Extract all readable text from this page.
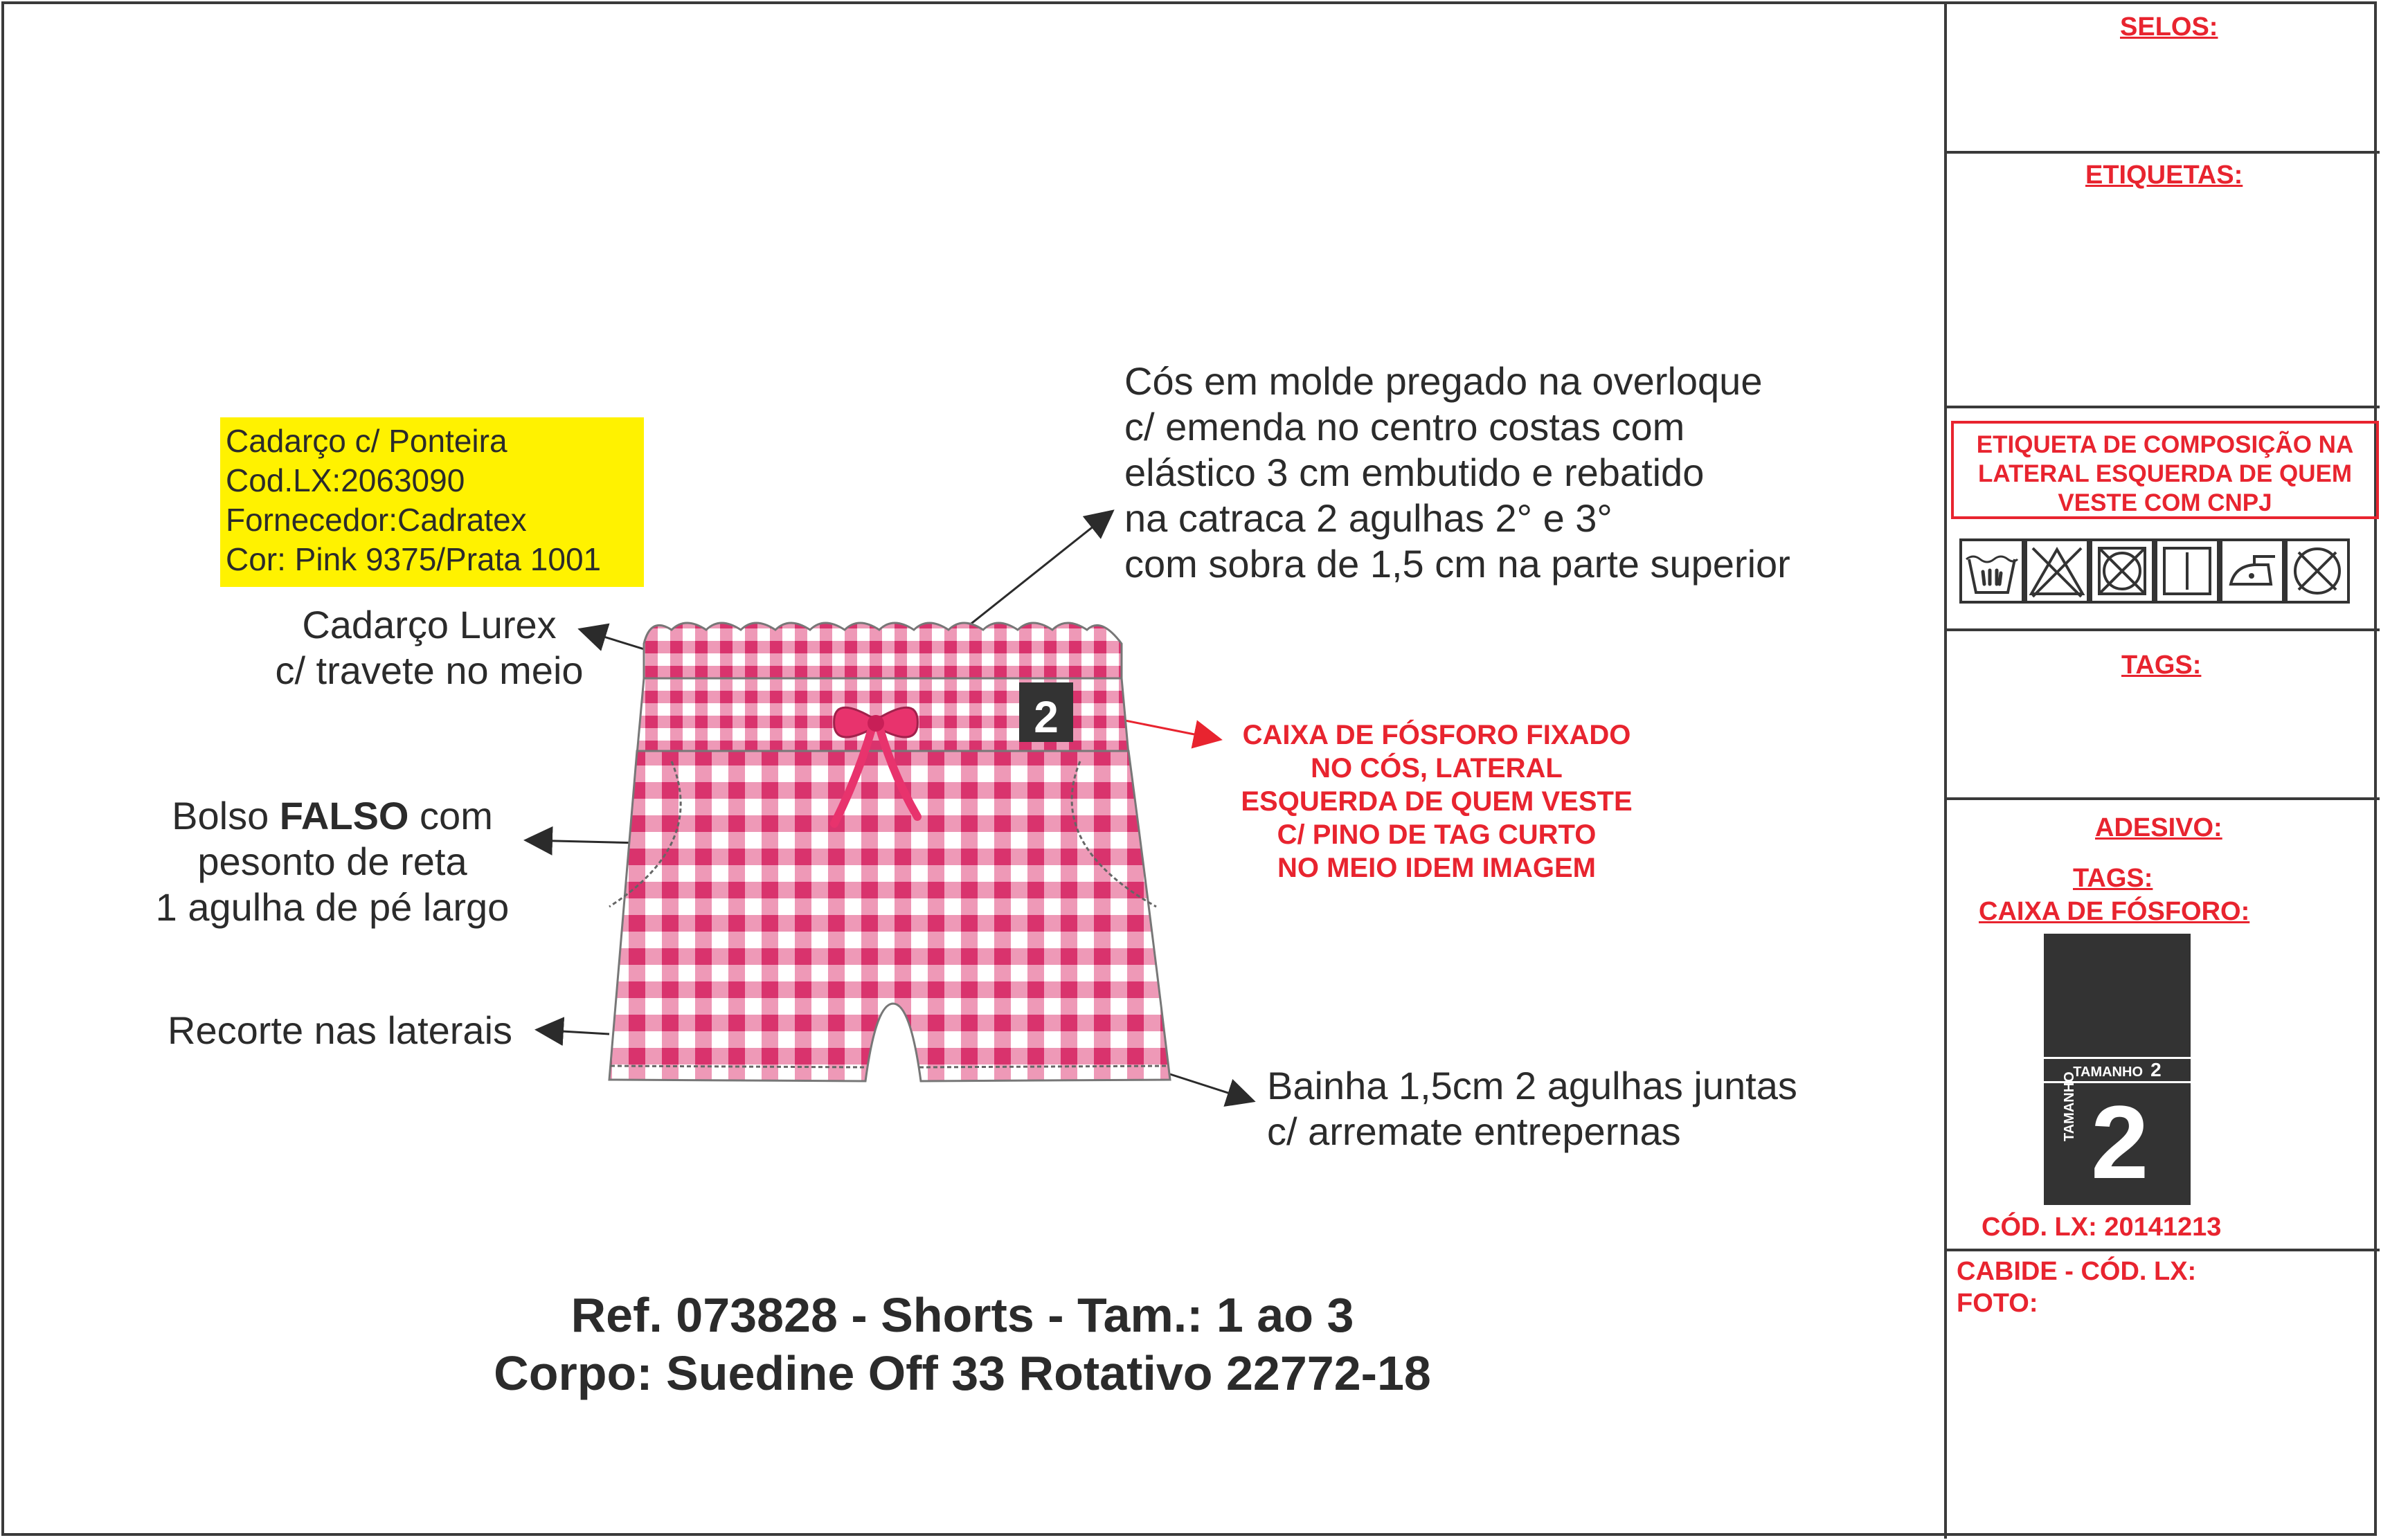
SELOS:
ETIQUETAS:
ETIQUETA DE COMPOSIÇÃO NA
LATERAL ESQUERDA DE QUEM
VESTE COM CNPJ
TAGS:
ADESIVO:
TAGS:
CAIXA DE FÓSFORO:
TAMANHO 2
TAMANHO 2
CÓD. LX: 20141213
CABIDE - CÓD. LX:
FOTO:
2
Cadarço c/ Ponteira
Cod.LX:2063090
Fornecedor:Cadratex
Cor: Pink 9375/Prata 1001
Cós em molde pregado na overloque
c/ emenda no centro costas com
elástico 3 cm embutido e rebatido
na catraca 2 agulhas 2° e 3°
com sobra de 1,5 cm na parte superior
Cadarço Lurex
c/ travete no meio
Bolso FALSO com
pesonto de reta
1 agulha de pé largo
Recorte nas laterais
Bainha 1,5cm 2 agulhas juntas
c/ arremate entrepernas
CAIXA DE FÓSFORO FIXADO
NO CÓS, LATERAL
ESQUERDA DE QUEM VESTE
C/ PINO DE TAG CURTO
NO MEIO IDEM IMAGEM
Ref. 073828 - Shorts - Tam.: 1 ao 3
Corpo: Suedine Off 33 Rotativo 22772-18
